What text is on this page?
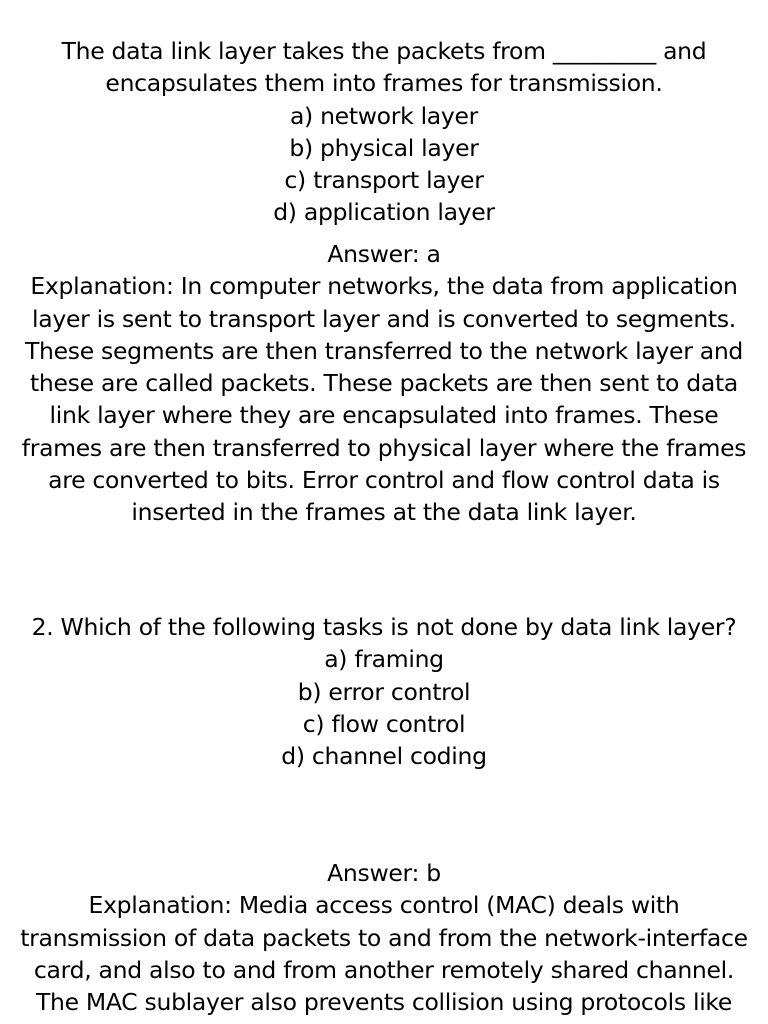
The data link layer takes the packets from _________ and
encapsulates them into frames for transmission.
a) network layer
b) physical layer
c) transport layer
d) application layer
Answer: a
Explanation: In computer networks, the data from application
layer is sent to transport layer and is converted to segments.
These segments are then transferred to the network layer and
these are called packets. These packets are then sent to data
link layer where they are encapsulated into frames. These
frames are then transferred to physical layer where the frames
are converted to bits. Error control and flow control data is
inserted in the frames at the data link layer.
2. Which of the following tasks is not done by data link layer?
a) framing
b) error control
c) flow control
d) channel coding
Answer: b
Explanation: Media access control (MAC) deals with
transmission of data packets to and from the network-interface
card, and also to and from another remotely shared channel.
The MAC sublayer also prevents collision using protocols like
